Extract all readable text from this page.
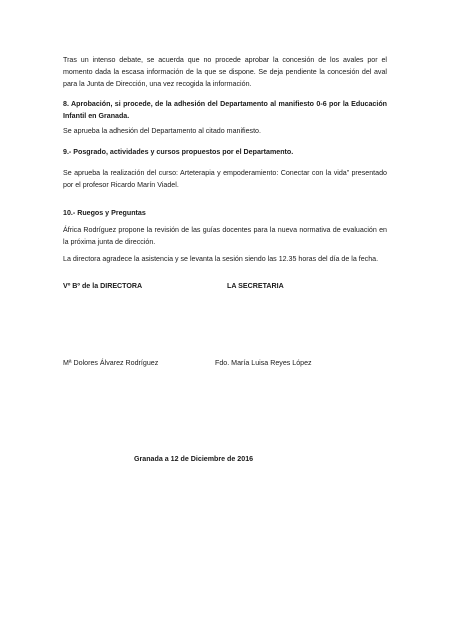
Tras un intenso debate, se acuerda que no procede aprobar la concesión de los avales por el momento dada la escasa información de la que se dispone. Se deja pendiente la concesión del aval para la Junta de Dirección, una vez recogida la información.
8. Aprobación, si procede, de la adhesión del Departamento al manifiesto 0-6 por la Educación Infantil en Granada.
Se aprueba la adhesión del Departamento al citado manifiesto.
9.- Posgrado, actividades y cursos propuestos por el Departamento.
Se aprueba la realización del curso: Arteterapia y empoderamiento: Conectar con la vida” presentado por el profesor Ricardo Marín Viadel.
10.- Ruegos y Preguntas
África Rodríguez propone la revisión de las guías docentes para la nueva normativa de evaluación en la próxima junta de dirección.
La directora agradece la asistencia y se levanta la sesión siendo las 12.35 horas del día de la fecha.
Vº Bº de la DIRECTORA	LA SECRETARIA
Mª Dolores Álvarez Rodríguez	Fdo. María Luisa Reyes López
Granada a 12 de Diciembre de 2016
